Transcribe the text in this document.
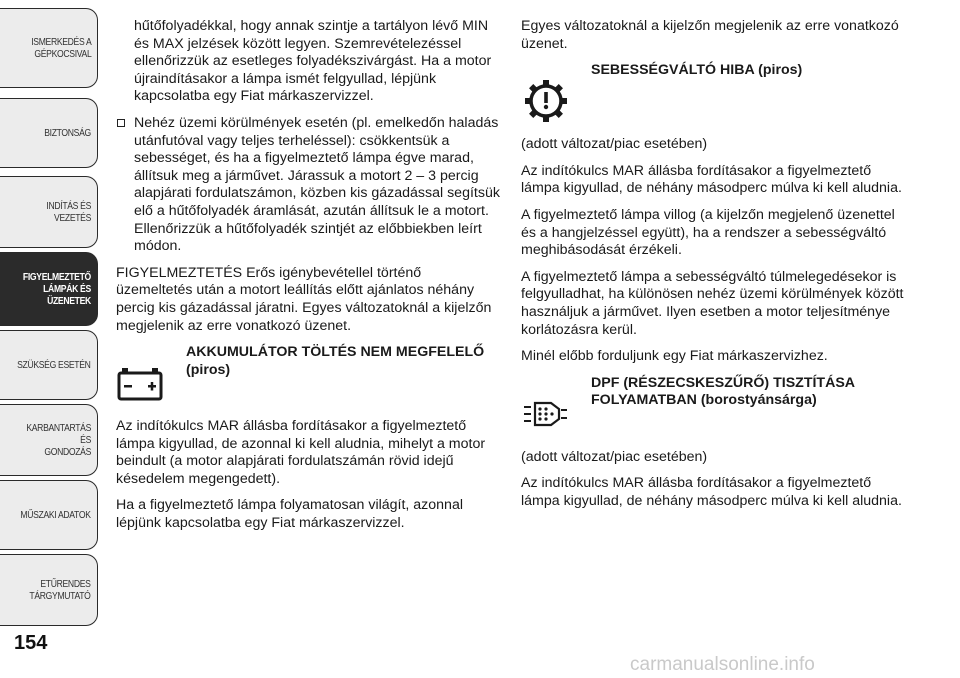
ISMERKEDÉS A
GÉPKOCSIVAL
BIZTONSÁG
INDÍTÁS ÉS VEZETÉS
FIGYELMEZTETŐ
LÁMPÁK ÉS
ÜZENETEK
SZÜKSÉG ESETÉN
KARBANTARTÁS ÉS
GONDOZÁS
MŰSZAKI ADATOK
ETŰRENDES
TÁRGYMUTATÓ
154

hűtőfolyadékkal, hogy annak szintje a tartályon lévő MIN és MAX jelzések között legyen. Szemrevételezéssel ellenőrizzük az esetleges folyadékszivárgást. Ha a motor újraindításakor a lámpa ismét felgyullad, lépjünk kapcsolatba egy Fiat márkaszervizzel.

Nehéz üzemi körülmények esetén (pl. emelkedőn haladás utánfutóval vagy teljes terheléssel): csökkentsük a sebességet, és ha a figyelmeztető lámpa égve marad, állítsuk meg a járművet. Járassuk a motort 2 – 3 percig alapjárati fordulatszámon, közben kis gázadással segítsük elő a hűtőfolyadék áramlását, azután állítsuk le a motort. Ellenőrizzük a hűtőfolyadék szintjét az előbbiekben leírt módon.

FIGYELMEZTETÉS Erős igénybevétellel történő üzemeltetés után a motort leállítás előtt ajánlatos néhány percig kis gázadással járatni. Egyes változatoknál a kijelzőn megjelenik az erre vonatkozó üzenet.

AKKUMULÁTOR TÖLTÉS NEM MEGFELELŐ (piros)

Az indítókulcs MAR állásba fordításakor a figyelmeztető lámpa kigyullad, de azonnal ki kell aludnia, mihelyt a motor beindult (a motor alapjárati fordulatszámán rövid idejű késedelem megengedett).

Ha a figyelmeztető lámpa folyamatosan világít, azonnal lépjünk kapcsolatba egy Fiat márkaszervizzel.

Egyes változatoknál a kijelzőn megjelenik az erre vonatkozó üzenet.

SEBESSÉGVÁLTÓ HIBA (piros)

(adott változat/piac esetében)

Az indítókulcs MAR állásba fordításakor a figyelmeztető lámpa kigyullad, de néhány másodperc múlva ki kell aludnia.

A figyelmeztető lámpa villog (a kijelzőn megjelenő üzenettel és a hangjelzéssel együtt), ha a rendszer a sebességváltó meghibásodását érzékeli.

A figyelmeztető lámpa a sebességváltó túlmelegedésekor is felgyulladhat, ha különösen nehéz üzemi körülmények között használjuk a járművet. Ilyen esetben a motor teljesítménye korlátozásra kerül.

Minél előbb forduljunk egy Fiat márkaszervizhez.

DPF (RÉSZECSKESZŰRŐ) TISZTÍTÁSA FOLYAMATBAN (borostyánsárga)

(adott változat/piac esetében)

Az indítókulcs MAR állásba fordításakor a figyelmeztető lámpa kigyullad, de néhány másodperc múlva ki kell aludnia.

carmanualsonline.info
